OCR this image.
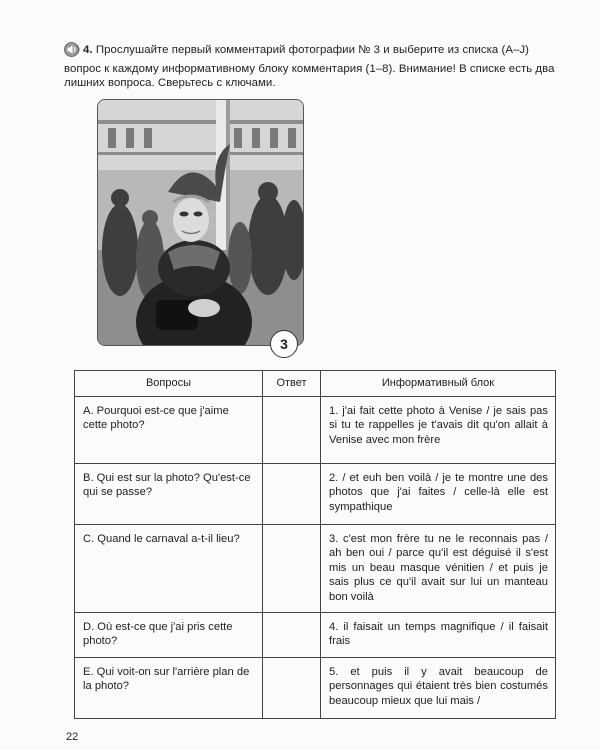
4. Прослушайте первый комментарий фотографии № 3 и выберите из списка (A–J) вопрос к каждому информативному блоку комментария (1–8). Внимание! В списке есть два лишних вопроса. Сверьтесь с ключами.
3
Вопросы	Ответ	Информативный блок
A. Pourquoi est-ce que j'aime cette photo?		1. j'ai fait cette photo à Venise / je sais pas si tu te rappelles je t'avais dit qu'on allait à Venise avec mon frère
B. Qui est sur la photo? Qu'est-ce qui se passe?		2. / et euh ben voilà / je te montre une des photos que j'ai faites / celle-là elle est sympathique
C. Quand le carnaval a-t-il lieu?		3. c'est mon frère tu ne le reconnais pas / ah ben oui / parce qu'il est déguisé il s'est mis un beau masque vénitien / et puis je sais plus ce qu'il avait sur lui un manteau bon voilà
D. Où est-ce que j'ai pris cette photo?		4. il faisait un temps magnifique / il faisait frais
E. Qui voit-on sur l'arrière plan de la photo?		5. et puis il y avait beaucoup de personnages qui étaient très bien costumés beaucoup mieux que lui mais /
22
